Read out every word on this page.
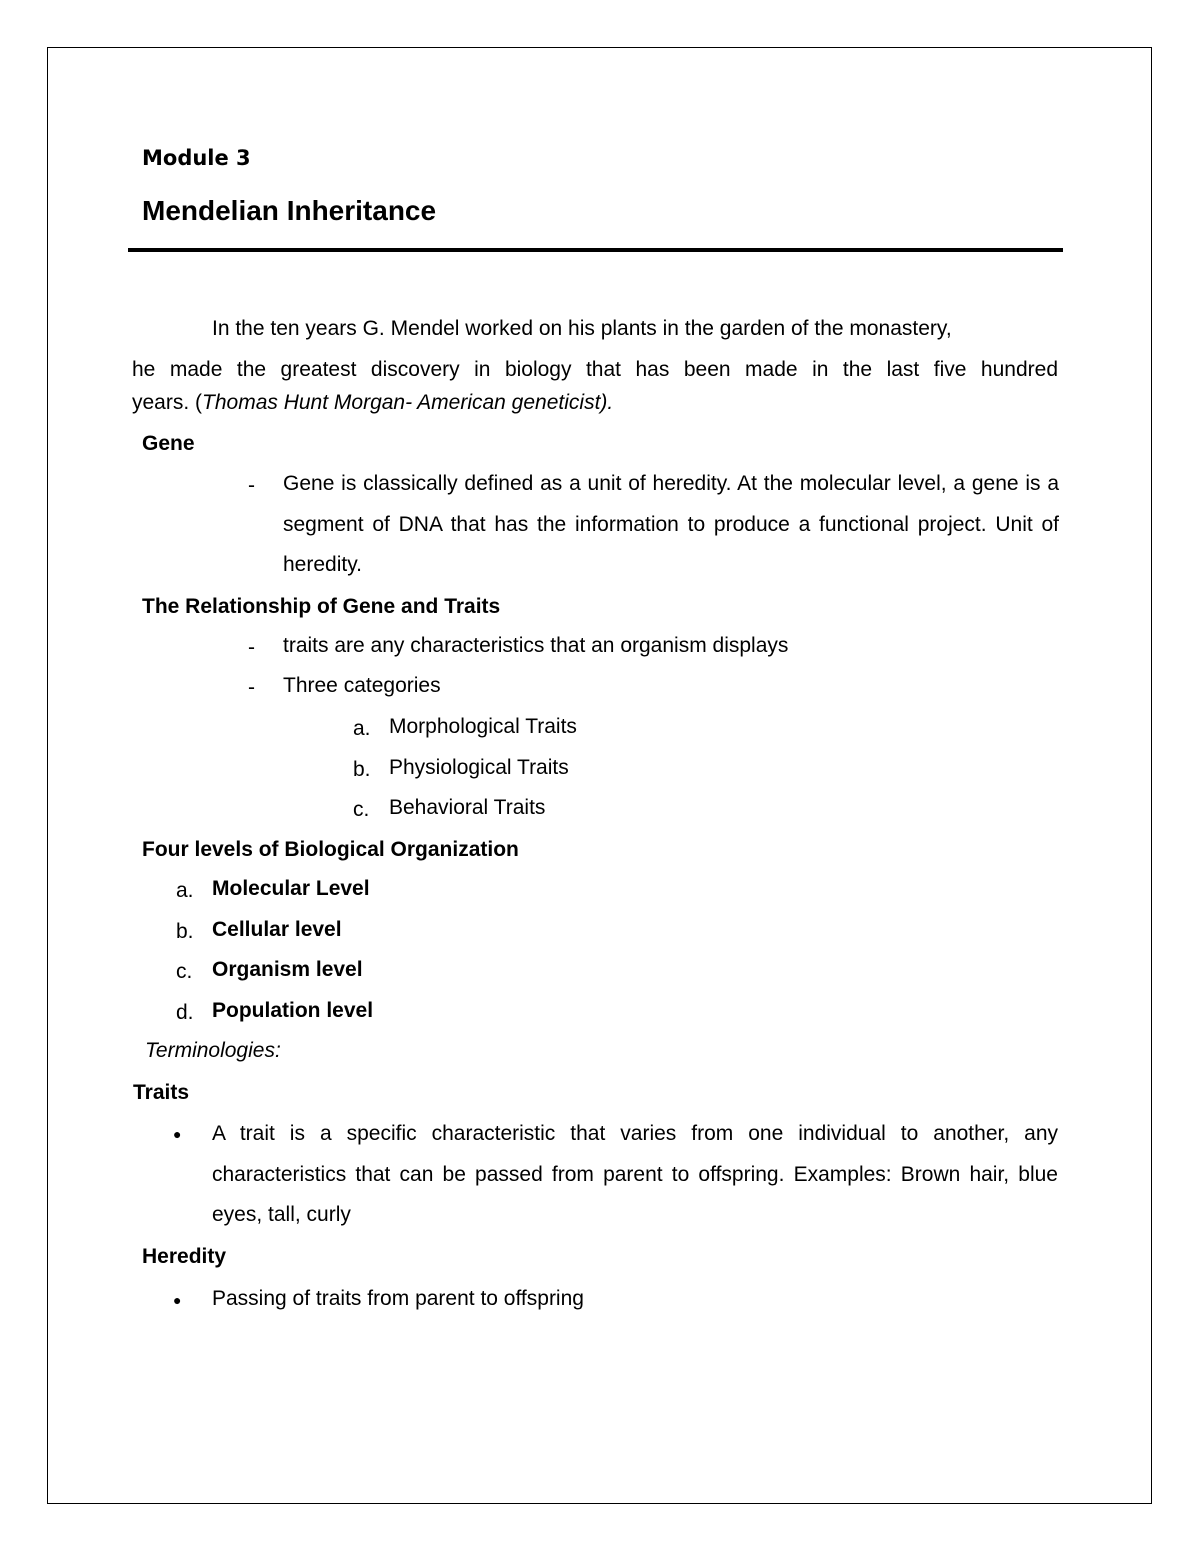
Module 3
Mendelian Inheritance
In the ten years G. Mendel worked on his plants in the garden of the monastery,
he made the greatest discovery in biology that has been made in the last five hundred
years. (Thomas Hunt Morgan- American geneticist).
Gene
- Gene is classically defined as a unit of heredity. At the molecular level, a gene is a segment of DNA that has the information to produce a functional project. Unit of heredity.
The Relationship of Gene and Traits
- traits are any characteristics that an organism displays
- Three categories
a. Morphological Traits
b. Physiological Traits
c. Behavioral Traits
Four levels of Biological Organization
a. Molecular Level
b. Cellular level
c. Organism level
d. Population level
Terminologies:
Traits
● A trait is a specific characteristic that varies from one individual to another, any characteristics that can be passed from parent to offspring. Examples: Brown hair, blue eyes, tall, curly
Heredity
● Passing of traits from parent to offspring
